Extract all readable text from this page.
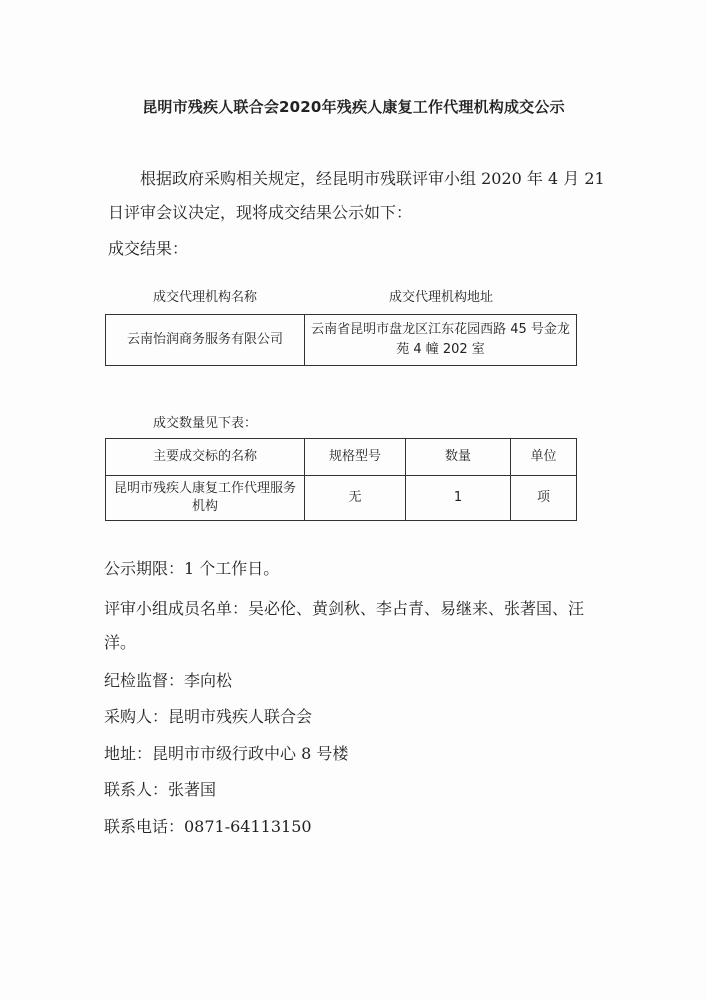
昆明市残疾人联合会2020年残疾人康复工作代理机构成交公示
根据政府采购相关规定，经昆明市残联评审小组 2020 年 4 月 21 日评审会议决定，现将成交结果公示如下：
成交结果：
成交代理机构名称	成交代理机构地址
云南怡润商务服务有限公司	云南省昆明市盘龙区江东花园西路 45 号金龙苑 4 幢 202 室
成交数量见下表：
主要成交标的名称	规格型号	数量	单位
昆明市残疾人康复工作代理服务机构	无	1	项
公示期限：1 个工作日。
评审小组成员名单：吴必伦、黄剑秋、李占青、易继来、张著国、汪洋。
纪检监督：李向松
采购人：昆明市残疾人联合会
地址：昆明市市级行政中心 8 号楼
联系人：张著国
联系电话：0871-64113150
